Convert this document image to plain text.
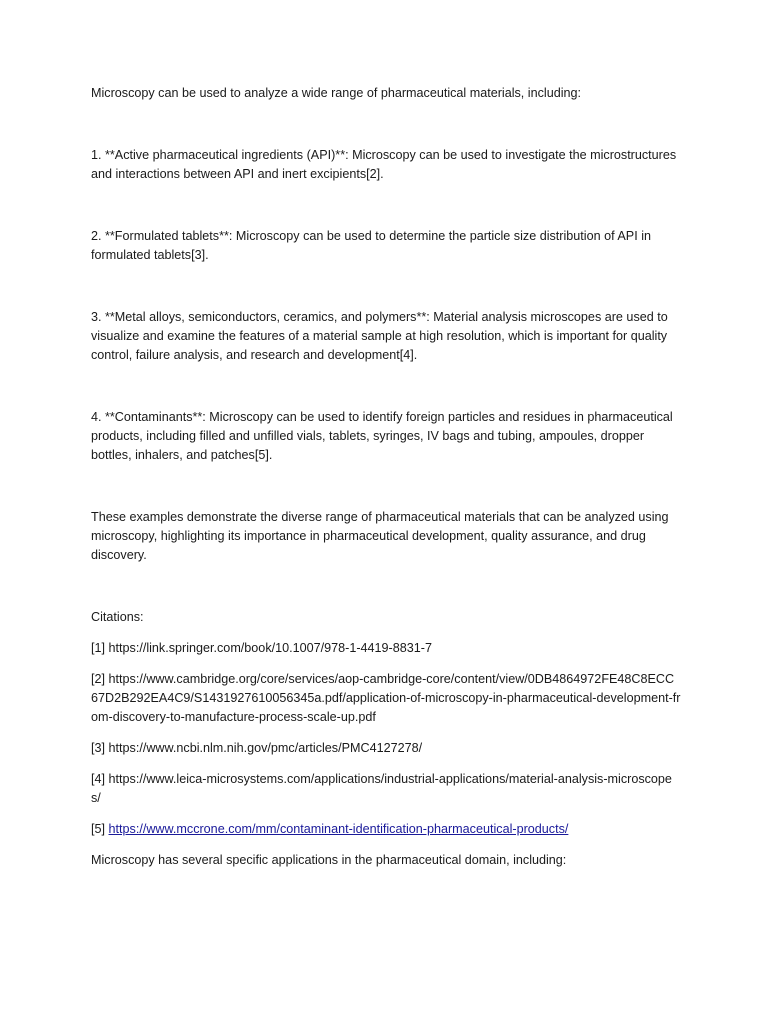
Microscopy can be used to analyze a wide range of pharmaceutical materials, including:

1. **Active pharmaceutical ingredients (API)**: Microscopy can be used to investigate the microstructures and interactions between API and inert excipients[2].

2. **Formulated tablets**: Microscopy can be used to determine the particle size distribution of API in formulated tablets[3].

3. **Metal alloys, semiconductors, ceramics, and polymers**: Material analysis microscopes are used to visualize and examine the features of a material sample at high resolution, which is important for quality control, failure analysis, and research and development[4].

4. **Contaminants**: Microscopy can be used to identify foreign particles and residues in pharmaceutical products, including filled and unfilled vials, tablets, syringes, IV bags and tubing, ampoules, dropper bottles, inhalers, and patches[5].

These examples demonstrate the diverse range of pharmaceutical materials that can be analyzed using microscopy, highlighting its importance in pharmaceutical development, quality assurance, and drug discovery.

Citations:

[1] https://link.springer.com/book/10.1007/978-1-4419-8831-7

[2] https://www.cambridge.org/core/services/aop-cambridge-core/content/view/0DB4864972FE48C8ECC67D2B292EA4C9/S1431927610056345a.pdf/application-of-microscopy-in-pharmaceutical-development-from-discovery-to-manufacture-process-scale-up.pdf

[3] https://www.ncbi.nlm.nih.gov/pmc/articles/PMC4127278/

[4] https://www.leica-microsystems.com/applications/industrial-applications/material-analysis-microscopes/

[5] https://www.mccrone.com/mm/contaminant-identification-pharmaceutical-products/

Microscopy has several specific applications in the pharmaceutical domain, including:
